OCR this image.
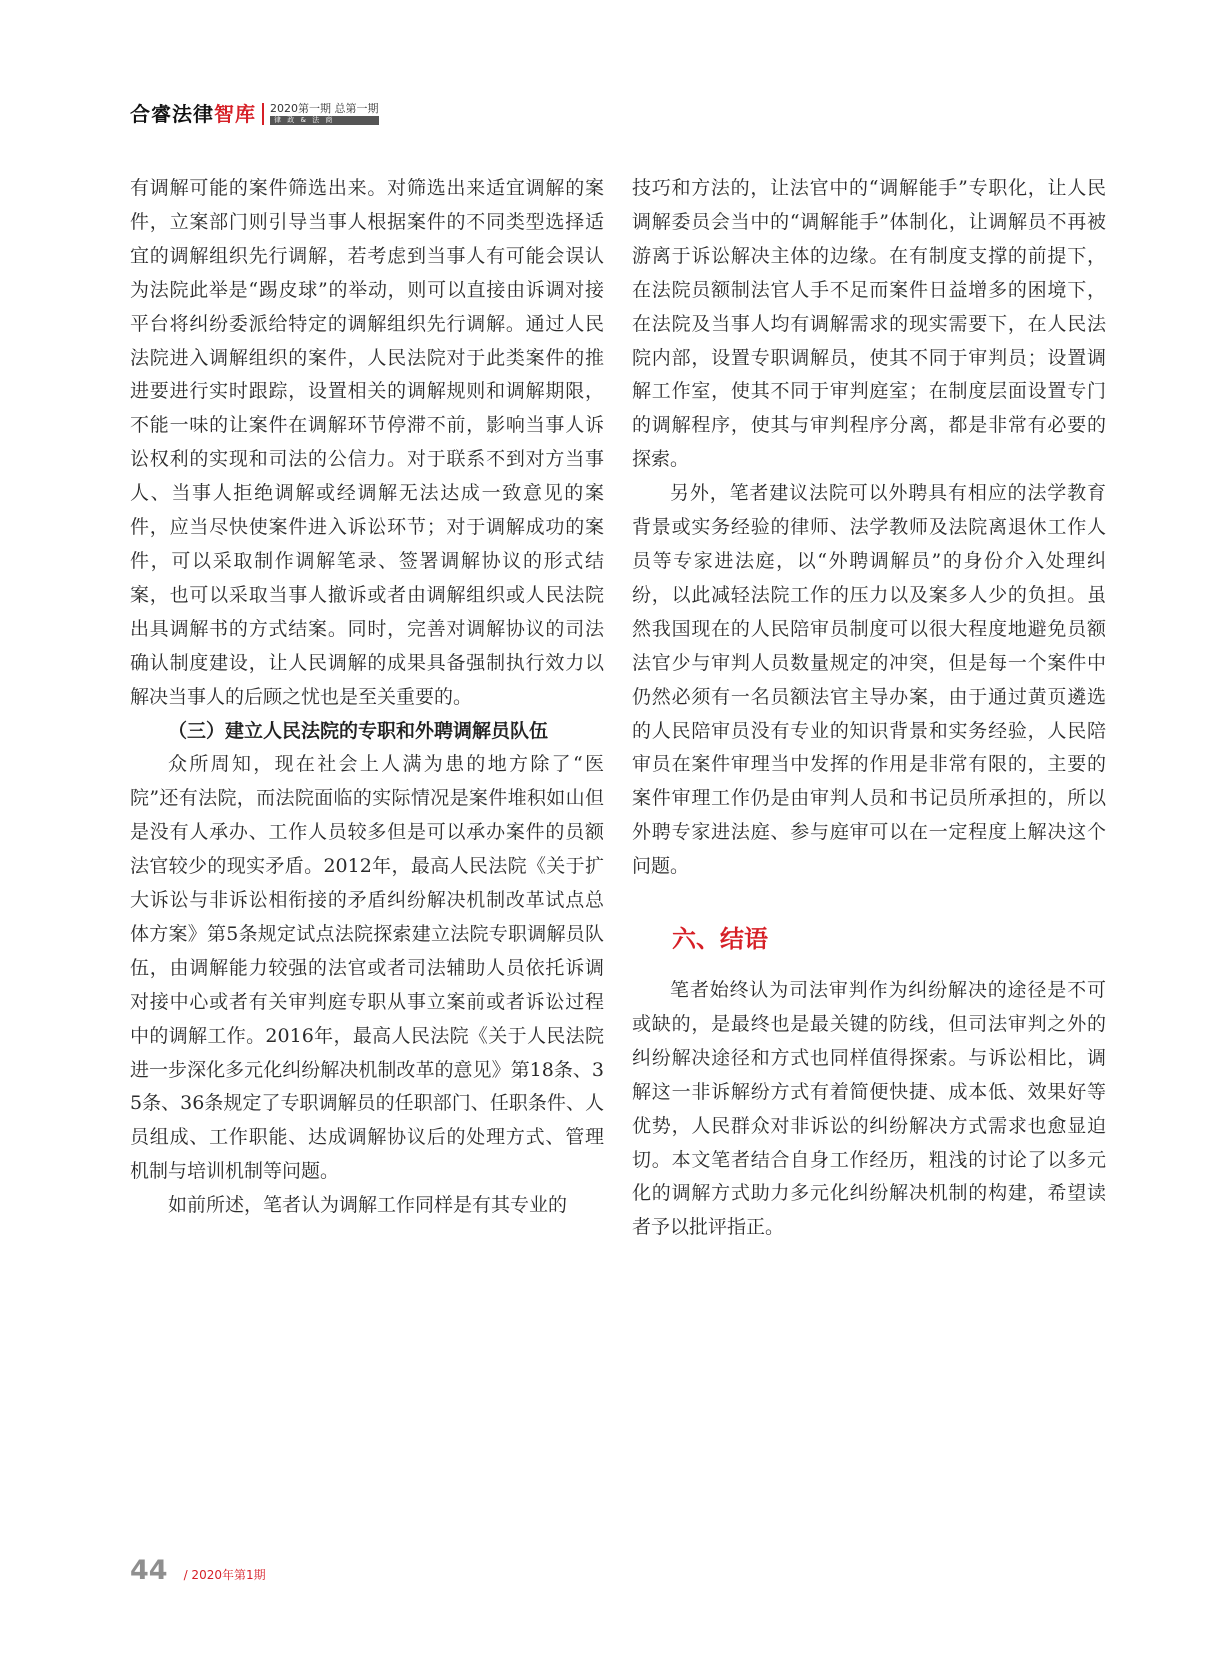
合睿法律智库 2020第一期 总第一期
律 政 & 法 商

有调解可能的案件筛选出来。对筛选出来适宜调解的案件，立案部门则引导当事人根据案件的不同类型选择适宜的调解组织先行调解，若考虑到当事人有可能会误认为法院此举是“踢皮球”的举动，则可以直接由诉调对接平台将纠纷委派给特定的调解组织先行调解。通过人民法院进入调解组织的案件，人民法院对于此类案件的推进要进行实时跟踪，设置相关的调解规则和调解期限，不能一味的让案件在调解环节停滞不前，影响当事人诉讼权利的实现和司法的公信力。对于联系不到对方当事人、当事人拒绝调解或经调解无法达成一致意见的案件，应当尽快使案件进入诉讼环节；对于调解成功的案件，可以采取制作调解笔录、签署调解协议的形式结案，也可以采取当事人撤诉或者由调解组织或人民法院出具调解书的方式结案。同时，完善对调解协议的司法确认制度建设，让人民调解的成果具备强制执行效力以解决当事人的后顾之忧也是至关重要的。

（三）建立人民法院的专职和外聘调解员队伍

众所周知，现在社会上人满为患的地方除了“医院”还有法院，而法院面临的实际情况是案件堆积如山但是没有人承办、工作人员较多但是可以承办案件的员额法官较少的现实矛盾。2012年，最高人民法院《关于扩大诉讼与非诉讼相衔接的矛盾纠纷解决机制改革试点总体方案》第5条规定试点法院探索建立法院专职调解员队伍，由调解能力较强的法官或者司法辅助人员依托诉调对接中心或者有关审判庭专职从事立案前或者诉讼过程中的调解工作。2016年，最高人民法院《关于人民法院进一步深化多元化纠纷解决机制改革的意见》第18条、35条、36条规定了专职调解员的任职部门、任职条件、人员组成、工作职能、达成调解协议后的处理方式、管理机制与培训机制等问题。

如前所述，笔者认为调解工作同样是有其专业的

技巧和方法的，让法官中的“调解能手”专职化，让人民调解委员会当中的“调解能手”体制化，让调解员不再被游离于诉讼解决主体的边缘。在有制度支撑的前提下，在法院员额制法官人手不足而案件日益增多的困境下，在法院及当事人均有调解需求的现实需要下，在人民法院内部，设置专职调解员，使其不同于审判员；设置调解工作室，使其不同于审判庭室；在制度层面设置专门的调解程序，使其与审判程序分离，都是非常有必要的探索。

另外，笔者建议法院可以外聘具有相应的法学教育背景或实务经验的律师、法学教师及法院离退休工作人员等专家进法庭，以“外聘调解员”的身份介入处理纠纷，以此减轻法院工作的压力以及案多人少的负担。虽然我国现在的人民陪审员制度可以很大程度地避免员额法官少与审判人员数量规定的冲突，但是每一个案件中仍然必须有一名员额法官主导办案，由于通过黄页遴选的人民陪审员没有专业的知识背景和实务经验，人民陪审员在案件审理当中发挥的作用是非常有限的，主要的案件审理工作仍是由审判人员和书记员所承担的，所以外聘专家进法庭、参与庭审可以在一定程度上解决这个问题。

六、结语

笔者始终认为司法审判作为纠纷解决的途径是不可或缺的，是最终也是最关键的防线，但司法审判之外的纠纷解决途径和方式也同样值得探索。与诉讼相比，调解这一非诉解纷方式有着简便快捷、成本低、效果好等优势，人民群众对非诉讼的纠纷解决方式需求也愈显迫切。本文笔者结合自身工作经历，粗浅的讨论了以多元化的调解方式助力多元化纠纷解决机制的构建，希望读者予以批评指正。

44 / 2020年第1期
